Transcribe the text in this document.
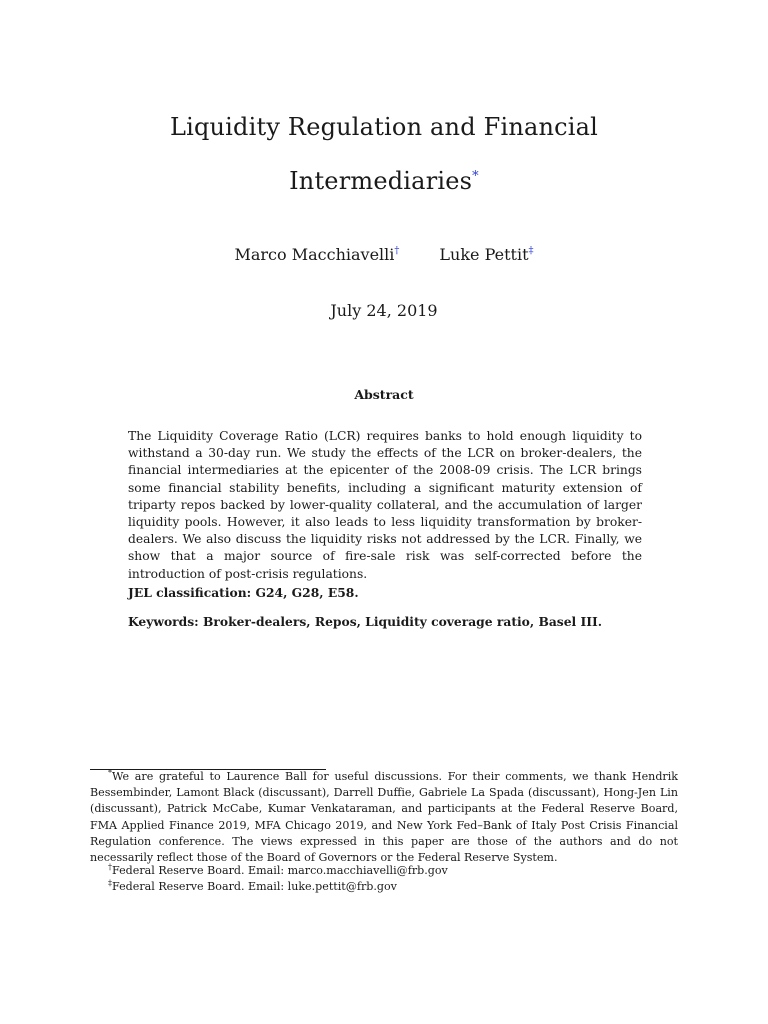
Liquidity Regulation and Financial
Intermediaries*
Marco Macchiavelli†	Luke Pettit‡
July 24, 2019
Abstract

The Liquidity Coverage Ratio (LCR) requires banks to hold enough liquidity to withstand a 30-day run. We study the effects of the LCR on broker-dealers, the financial intermediaries at the epicenter of the 2008-09 crisis. The LCR brings some financial stability benefits, including a significant maturity extension of triparty repos backed by lower-quality collateral, and the accumulation of larger liquidity pools. However, it also leads to less liquidity transformation by broker-dealers. We also discuss the liquidity risks not addressed by the LCR. Finally, we show that a major source of fire-sale risk was self-corrected before the introduction of post-crisis regulations.

JEL classification: G24, G28, E58.

Keywords: Broker-dealers, Repos, Liquidity coverage ratio, Basel III.

*We are grateful to Laurence Ball for useful discussions. For their comments, we thank Hendrik Bessembinder, Lamont Black (discussant), Darrell Duffie, Gabriele La Spada (discussant), Hong-Jen Lin (discussant), Patrick McCabe, Kumar Venkataraman, and participants at the Federal Reserve Board, FMA Applied Finance 2019, MFA Chicago 2019, and New York Fed–Bank of Italy Post Crisis Financial Regulation conference. The views expressed in this paper are those of the authors and do not necessarily reflect those of the Board of Governors or the Federal Reserve System.

†Federal Reserve Board. Email: marco.macchiavelli@frb.gov

‡Federal Reserve Board. Email: luke.pettit@frb.gov
